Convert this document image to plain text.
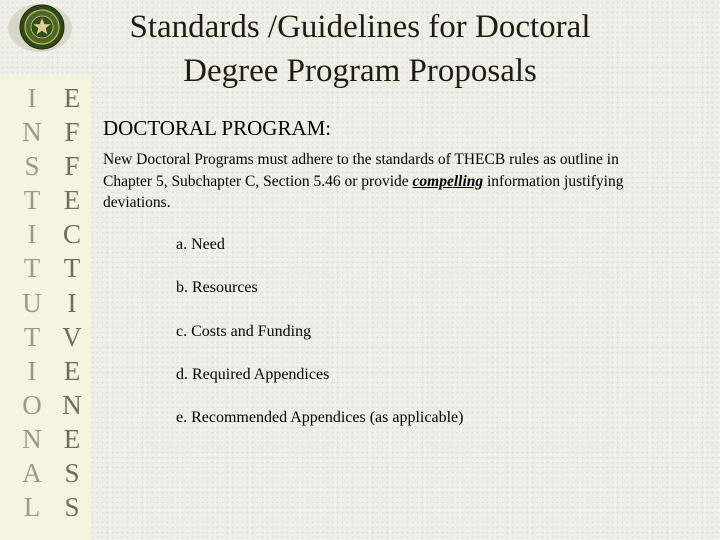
I
N
S
T
I
T
U
T
I
O
N
A
L
E
F
F
E
C
T
I
V
E
N
E
S
S
Standards /Guidelines for Doctoral
Degree Program Proposals
DOCTORAL PROGRAM:

New Doctoral Programs must adhere to the standards of THECB rules as outline in Chapter 5, Subchapter C, Section 5.46 or provide compelling information justifying deviations.

a. Need
b. Resources
c. Costs and Funding
d. Required Appendices
e. Recommended Appendices (as applicable)
